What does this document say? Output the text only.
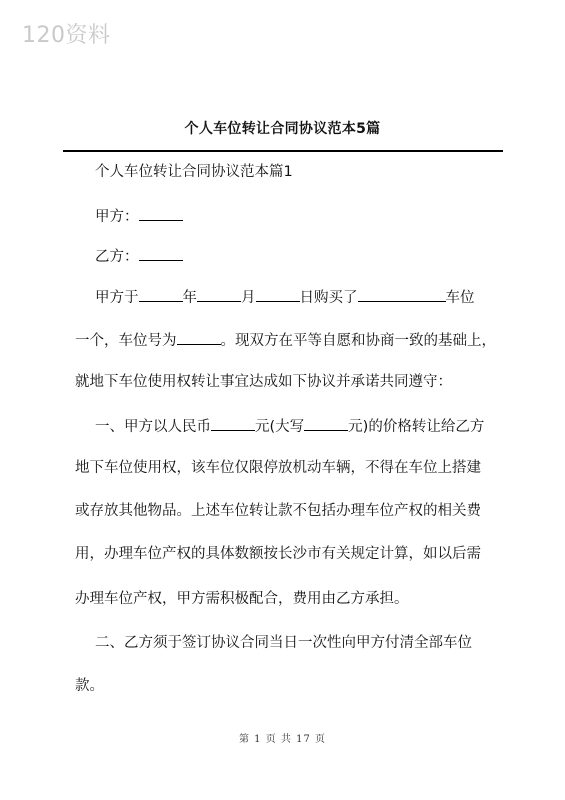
120资料
个人车位转让合同协议范本5篇
个人车位转让合同协议范本篇1
甲方：
乙方：
甲方于	年	月	日购买了	车位
一个，车位号为	。现双方在平等自愿和协商一致的基础上，
就地下车位使用权转让事宜达成如下协议并承诺共同遵守：
一、甲方以人民币	元(大写	元)的价格转让给乙方
地下车位使用权，该车位仅限停放机动车辆，不得在车位上搭建
或存放其他物品。上述车位转让款不包括办理车位产权的相关费
用，办理车位产权的具体数额按长沙市有关规定计算，如以后需
办理车位产权，甲方需积极配合，费用由乙方承担。
二、乙方须于签订协议合同当日一次性向甲方付清全部车位
款。
第 1 页 共 17 页
